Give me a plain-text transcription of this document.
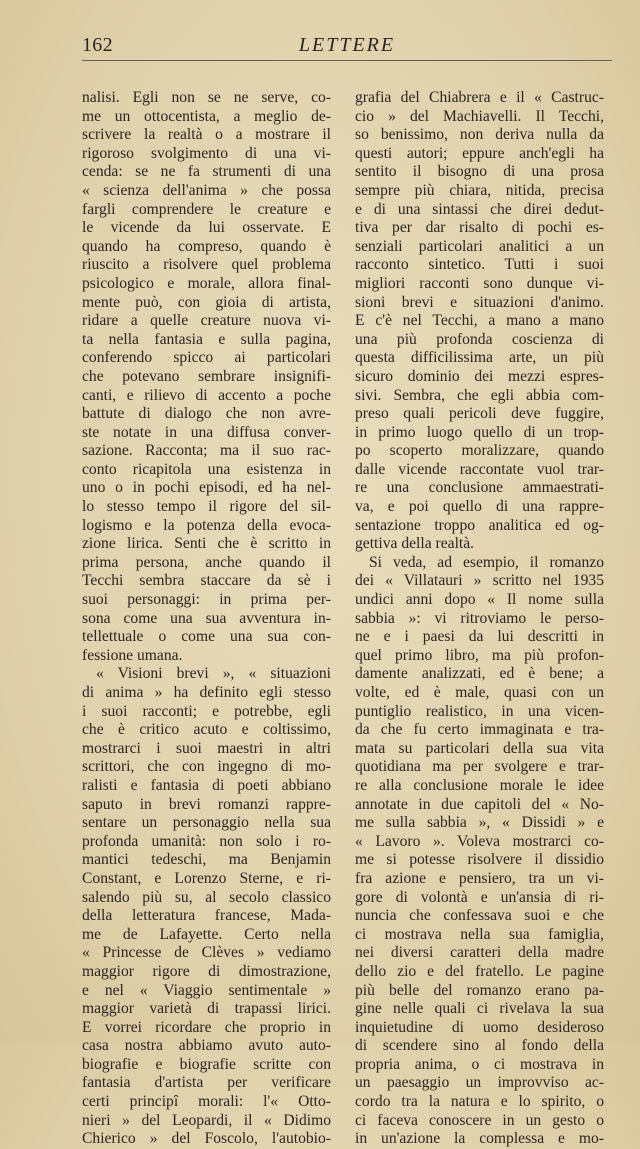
162	LETTERE
nalisi. Egli non se ne serve, co-
me un ottocentista, a meglio de-
scrivere la realtà o a mostrare il
rigoroso svolgimento di una vi-
cenda: se ne fa strumenti di una
« scienza dell'anima » che possa
fargli comprendere le creature e
le vicende da lui osservate. E
quando ha compreso, quando è
riuscito a risolvere quel problema
psicologico e morale, allora final-
mente può, con gioia di artista,
ridare a quelle creature nuova vi-
ta nella fantasia e sulla pagina,
conferendo spicco ai particolari
che potevano sembrare insignifi-
canti, e rilievo di accento a poche
battute di dialogo che non avre-
ste notate in una diffusa conver-
sazione. Racconta; ma il suo rac-
conto ricapitola una esistenza in
uno o in pochi episodi, ed ha nel-
lo stesso tempo il rigore del sil-
logismo e la potenza della evoca-
zione lirica. Senti che è scritto in
prima persona, anche quando il
Tecchi sembra staccare da sè i
suoi personaggi: in prima per-
sona come una sua avventura in-
tellettuale o come una sua con-
fessione umana.
« Visioni brevi », « situazioni
di anima » ha definito egli stesso
i suoi racconti; e potrebbe, egli
che è critico acuto e coltissimo,
mostrarci i suoi maestri in altri
scrittori, che con ingegno di mo-
ralisti e fantasia di poeti abbiano
saputo in brevi romanzi rappre-
sentare un personaggio nella sua
profonda umanità: non solo i ro-
mantici tedeschi, ma Benjamin
Constant, e Lorenzo Sterne, e ri-
salendo più su, al secolo classico
della letteratura francese, Mada-
me de Lafayette. Certo nella
« Princesse de Clèves » vediamo
maggior rigore di dimostrazione,
e nel « Viaggio sentimentale »
maggior varietà di trapassi lirici.
E vorrei ricordare che proprio in
casa nostra abbiamo avuto auto-
biografie e biografie scritte con
fantasia d'artista per verificare
certi principî morali: l'« Otto-
nieri » del Leopardi, il « Didimo
Chierico » del Foscolo, l'autobio-
grafia del Chiabrera e il « Castruc-
cio » del Machiavelli. Il Tecchi,
so benissimo, non deriva nulla da
questi autori; eppure anch'egli ha
sentito il bisogno di una prosa
sempre più chiara, nitida, precisa
e di una sintassi che direi dedut-
tiva per dar risalto di pochi es-
senziali particolari analitici a un
racconto sintetico. Tutti i suoi
migliori racconti sono dunque vi-
sioni brevi e situazioni d'animo.
E c'è nel Tecchi, a mano a mano
una più profonda coscienza di
questa difficilissima arte, un più
sicuro dominio dei mezzi espres-
sivi. Sembra, che egli abbia com-
preso quali pericoli deve fuggire,
in primo luogo quello di un trop-
po scoperto moralizzare, quando
dalle vicende raccontate vuol trar-
re una conclusione ammaestrati-
va, e poi quello di una rappre-
sentazione troppo analitica ed og-
gettiva della realtà.
Si veda, ad esempio, il romanzo
dei « Villatauri » scritto nel 1935
undici anni dopo « Il nome sulla
sabbia »: vi ritroviamo le perso-
ne e i paesi da lui descritti in
quel primo libro, ma più profon-
damente analizzati, ed è bene; a
volte, ed è male, quasi con un
puntiglio realistico, in una vicen-
da che fu certo immaginata e tra-
mata su particolari della sua vita
quotidiana ma per svolgere e trar-
re alla conclusione morale le idee
annotate in due capitoli del « No-
me sulla sabbia », « Dissidi » e
« Lavoro ». Voleva mostrarci co-
me si potesse risolvere il dissidio
fra azione e pensiero, tra un vi-
gore di volontà e un'ansia di ri-
nuncia che confessava suoi e che
ci mostrava nella sua famiglia,
nei diversi caratteri della madre
dello zio e del fratello. Le pagine
più belle del romanzo erano pa-
gine nelle quali ci rivelava la sua
inquietudine di uomo desideroso
di scendere sino al fondo della
propria anima, o ci mostrava in
un paesaggio un improvviso ac-
cordo tra la natura e lo spirito, o
ci faceva conoscere in un gesto o
in un'azione la complessa e mo-
